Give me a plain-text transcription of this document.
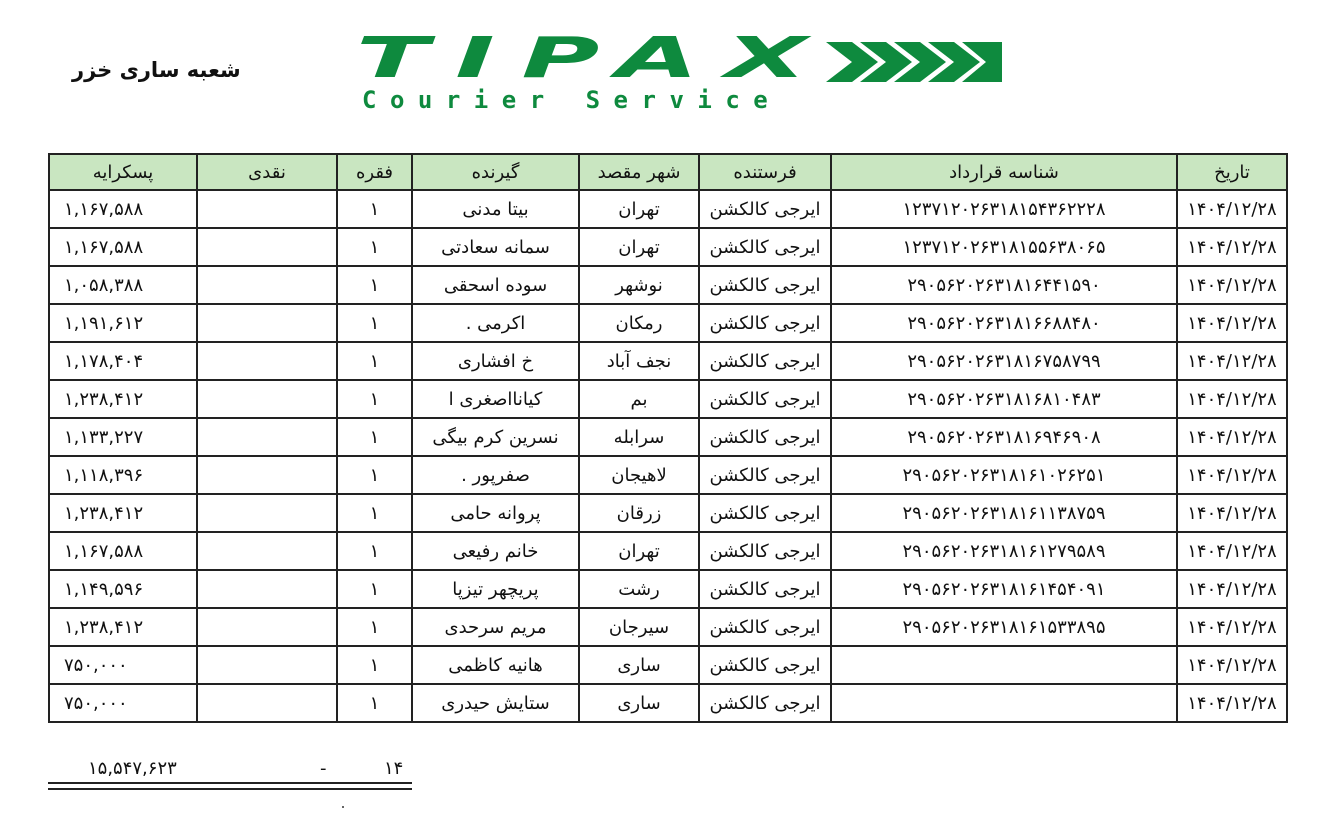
شعبه ساری خزر TIPAX
Courier Service
تاریخ	شناسه قرارداد	فرستنده	شهر مقصد	گیرنده	فقره	نقدی	پسکرایه
۱۴۰۴/۱۲/۲۸	۱۲۳۷۱۲۰۲۶۳۱۸۱۵۴۳۶۲۲۲۸	ایرجی کالکشن	تهران	بیتا مدنی	۱		۱,۱۶۷,۵۸۸
۱۴۰۴/۱۲/۲۸	۱۲۳۷۱۲۰۲۶۳۱۸۱۵۵۶۳۸۰۶۵	ایرجی کالکشن	تهران	سمانه سعادتی	۱		۱,۱۶۷,۵۸۸
۱۴۰۴/۱۲/۲۸	۲۹۰۵۶۲۰۲۶۳۱۸۱۶۴۴۱۵۹۰	ایرجی کالکشن	نوشهر	سوده اسحقی	۱		۱,۰۵۸,۳۸۸
۱۴۰۴/۱۲/۲۸	۲۹۰۵۶۲۰۲۶۳۱۸۱۶۶۸۸۴۸۰	ایرجی کالکشن	رمکان	اکرمی .	۱		۱,۱۹۱,۶۱۲
۱۴۰۴/۱۲/۲۸	۲۹۰۵۶۲۰۲۶۳۱۸۱۶۷۵۸۷۹۹	ایرجی کالکشن	نجف آباد	خ افشاری	۱		۱,۱۷۸,۴۰۴
۱۴۰۴/۱۲/۲۸	۲۹۰۵۶۲۰۲۶۳۱۸۱۶۸۱۰۴۸۳	ایرجی کالکشن	بم	کیانااصغری ا	۱		۱,۲۳۸,۴۱۲
۱۴۰۴/۱۲/۲۸	۲۹۰۵۶۲۰۲۶۳۱۸۱۶۹۴۶۹۰۸	ایرجی کالکشن	سرابله	نسرین کرم بیگی	۱		۱,۱۳۳,۲۲۷
۱۴۰۴/۱۲/۲۸	۲۹۰۵۶۲۰۲۶۳۱۸۱۶۱۰۲۶۲۵۱	ایرجی کالکشن	لاهیجان	صفرپور .	۱		۱,۱۱۸,۳۹۶
۱۴۰۴/۱۲/۲۸	۲۹۰۵۶۲۰۲۶۳۱۸۱۶۱۱۳۸۷۵۹	ایرجی کالکشن	زرقان	پروانه حامی	۱		۱,۲۳۸,۴۱۲
۱۴۰۴/۱۲/۲۸	۲۹۰۵۶۲۰۲۶۳۱۸۱۶۱۲۷۹۵۸۹	ایرجی کالکشن	تهران	خانم رفیعی	۱		۱,۱۶۷,۵۸۸
۱۴۰۴/۱۲/۲۸	۲۹۰۵۶۲۰۲۶۳۱۸۱۶۱۴۵۴۰۹۱	ایرجی کالکشن	رشت	پریچهر تیزپا	۱		۱,۱۴۹,۵۹۶
۱۴۰۴/۱۲/۲۸	۲۹۰۵۶۲۰۲۶۳۱۸۱۶۱۵۳۳۸۹۵	ایرجی کالکشن	سیرجان	مریم سرحدی	۱		۱,۲۳۸,۴۱۲
۱۴۰۴/۱۲/۲۸		ایرجی کالکشن	ساری	هانیه کاظمی	۱		۷۵۰,۰۰۰
۱۴۰۴/۱۲/۲۸		ایرجی کالکشن	ساری	ستایش حیدری	۱		۷۵۰,۰۰۰
۱۵,۵۴۷,۶۲۳	-	۱۴
